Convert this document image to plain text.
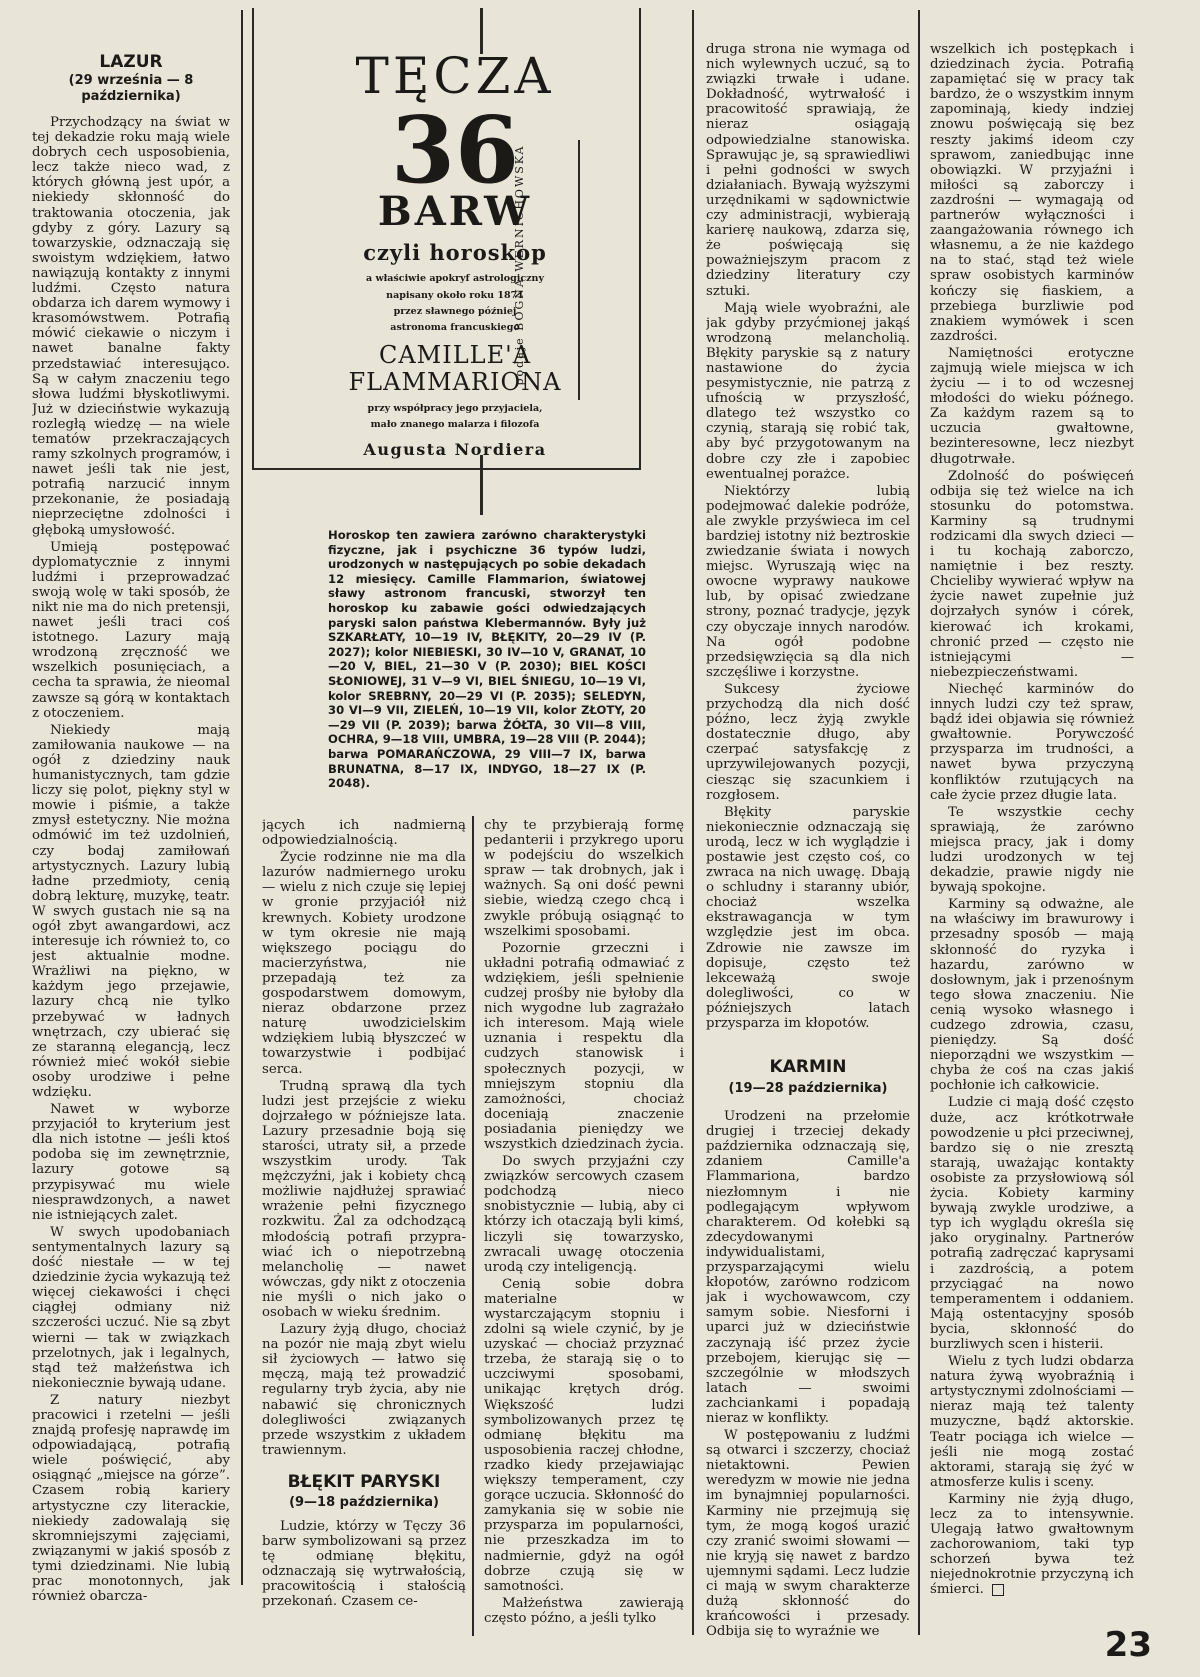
TĘCZA
36
BARW
czyli horoskop
a właściwie apokryf astrologiczny
napisany około roku 1871
przez sławnego później
astronoma francuskiego
CAMILLE'A
FLAMMARIONA
przy współpracy jego przyjaciela,
mało znanego malarza i filozofa
Augusta Nordiera
podaje BOGNA WERNICHOWSKA
Horoskop ten zawiera zarówno charakterystyki fizyczne, jak i psychiczne 36 typów ludzi, urodzonych w następujących po sobie dekadach 12 miesięcy. Camille Flammarion, światowej sławy astronom francuski, stworzył ten horoskop ku zabawie gości odwiedzających paryski salon państwa Klebermannów. Były już SZKARŁATY, 10—19 IV, BŁĘKITY, 20—29 IV (P. 2027); kolor NIEBIESKI, 30 IV—10 V, GRANAT, 10—20 V, BIEL, 21—30 V (P. 2030); BIEL KOŚCI SŁONIOWEJ, 31 V—9 VI, BIEL ŚNIEGU, 10—19 VI, kolor SREBRNY, 20—29 VI (P. 2035); SELEDYN, 30 VI—9 VII, ZIELEŃ, 10—19 VII, kolor ZŁOTY, 20—29 VII (P. 2039); barwa ŻÓŁTA, 30 VII—8 VIII, OCHRA, 9—18 VIII, UMBRA, 19—28 VIII (P. 2044); barwa POMARAŃCZOWA, 29 VIII—7 IX, barwa BRUNATNA, 8—17 IX, INDYGO, 18—27 IX (P. 2048).
LAZUR
(29 września — 8 października)

Przychodzący na świat w tej dekadzie roku mają wiele dobrych cech usposobienia, lecz także nieco wad, z których główną jest upór, a niekiedy skłonność do traktowania otoczenia, jak gdyby z góry. Lazury są towarzyskie, odznaczają się swoistym wdziękiem, łatwo nawiązują kontakty z innymi ludźmi. Często natura obdarza ich darem wymowy i krasomówstwem. Potrafią mówić ciekawie o niczym i nawet banalne fakty przedstawiać interesująco. Są w całym znaczeniu tego słowa ludźmi błyskotliwymi. Już w dzieciństwie wykazują rozległą wiedzę — na wiele tematów przekraczających ramy szkolnych programów, i nawet jeśli tak nie jest, potrafią narzucić innym przekonanie, że posiadają nieprzeciętne zdolności i głęboką umysłowość.

Umieją postępować dyplomatycznie z innymi ludźmi i przeprowadzać swoją wolę w taki sposób, że nikt nie ma do nich pretensji, nawet jeśli traci coś istotnego. Lazury mają wrodzoną zręczność we wszelkich posunięciach, a cecha ta sprawia, że nieomal zawsze są górą w kontaktach z otoczeniem.

Niekiedy mają zamiłowania naukowe — na ogół z dziedziny nauk humanistycznych, tam gdzie liczy się polot, piękny styl w mowie i piśmie, a także zmysł estetyczny. Nie można odmówić im też uzdolnień, czy bodaj zamiłowań artystycznych. Lazury lubią ładne przedmioty, cenią dobrą lekturę, muzykę, teatr. W swych gustach nie są na ogół zbyt awangardowi, acz interesuje ich również to, co jest aktualnie modne. Wrażliwi na piękno, w każdym jego przejawie, lazury chcą nie tylko przebywać w ładnych wnętrzach, czy ubierać się ze staranną elegancją, lecz również mieć wokół siebie osoby urodziwe i pełne wdzięku.

Nawet w wyborze przyjaciół to kryterium jest dla nich istotne — jeśli ktoś podoba się im zewnętrznie, lazury gotowe są przypisywać mu wiele niesprawdzonych, a nawet nie istniejących zalet.

W swych upodobaniach sentymentalnych lazury są dość niestałe — w tej dziedzinie życia wykazują też więcej ciekawości i chęci ciągłej odmiany niż szczerości uczuć. Nie są zbyt wierni — tak w związkach przelotnych, jak i legalnych, stąd też małżeństwa ich niekoniecznie bywają udane.

Z natury niezbyt pracowici i rzetelni — jeśli znajdą profesję naprawdę im odpowiadającą, potrafią wiele poświęcić, aby osiągnąć „miejsce na górze”. Czasem robią kariery artystyczne czy literackie, niekiedy zadowalają się skromniejszymi zajęciami, związanymi w jakiś sposób z tymi dziedzinami. Nie lubią prac monotonnych, jak również obarcza-

jących ich nadmierną odpowiedzialnością.

Życie rodzinne nie ma dla lazurów nadmiernego uroku — wielu z nich czuje się lepiej w gronie przyjaciół niż krewnych. Kobiety urodzone w tym okresie nie mają większego pociągu do macierzyństwa, nie przepadają też za gospodarstwem domowym, nieraz obdarzone przez naturę uwodzicielskim wdziękiem lubią błyszczeć w towarzystwie i podbijać serca.

Trudną sprawą dla tych ludzi jest przejście z wieku dojrzałego w późniejsze lata. Lazury przesadnie boją się starości, utraty sił, a przede wszystkim urody. Tak mężczyźni, jak i kobiety chcą możliwie najdłużej sprawiać wrażenie pełni fizycznego rozkwitu. Żal za odchodzącą młodością potrafi przyprawiać ich o niepotrzebną melancholię — nawet wówczas, gdy nikt z otoczenia nie myśli o nich jako o osobach w wieku średnim.

Lazury żyją długo, chociaż na pozór nie mają zbyt wielu sił życiowych — łatwo się męczą, mają też prowadzić regularny tryb życia, aby nie nabawić się chronicznych dolegliwości związanych przede wszystkim z układem trawiennym.

BŁĘKIT PARYSKI
(9—18 października)

Ludzie, którzy w Tęczy 36 barw symbolizowani są przez tę odmianę błękitu, odznaczają się wytrwałością, pracowitością i stałością przekonań. Czasem ce-

chy te przybierają formę pedanterii i przykrego uporu w podejściu do wszelkich spraw — tak drobnych, jak i ważnych. Są oni dość pewni siebie, wiedzą czego chcą i zwykle próbują osiągnąć to wszelkimi sposobami.

Pozornie grzeczni i układni potrafią odmawiać z wdziękiem, jeśli spełnienie cudzej prośby nie byłoby dla nich wygodne lub zagrażało ich interesom. Mają wiele uznania i respektu dla cudzych stanowisk i społecznych pozycji, w mniejszym stopniu dla zamożności, chociaż doceniają znaczenie posiadania pieniędzy we wszystkich dziedzinach życia.

Do swych przyjaźni czy związków sercowych czasem podchodzą nieco snobistycznie — lubią, aby ci którzy ich otaczają byli kimś, liczyli się towarzysko, zwracali uwagę otoczenia urodą czy inteligencją.

Cenią sobie dobra materialne w wystarczającym stopniu i zdolni są wiele czynić, by je uzyskać — chociaż przyznać trzeba, że starają się o to uczciwymi sposobami, unikając krętych dróg. Większość ludzi symbolizowanych przez tę odmianę błękitu ma usposobienia raczej chłodne, rzadko kiedy przejawiając większy temperament, czy gorące uczucia. Skłonność do zamykania się w sobie nie przysparza im popularności, nie przeszkadza im to nadmiernie, gdyż na ogół dobrze czują się w samotności.

Małżeństwa zawierają często późno, a jeśli tylko

druga strona nie wymaga od nich wylewnych uczuć, są to związki trwałe i udane. Dokładność, wytrwałość i pracowitość sprawiają, że nieraz osiągają odpowiedzialne stanowiska. Sprawując je, są sprawiedliwi i pełni godności w swych działaniach. Bywają wyższymi urzędnikami w sądownictwie czy administracji, wybierają karierę naukową, zdarza się, że poświęcają się poważniejszym pracom z dziedziny literatury czy sztuki.

Mają wiele wyobraźni, ale jak gdyby przyćmionej jakąś wrodzoną melancholią. Błękity paryskie są z natury nastawione do życia pesymistycznie, nie patrzą z ufnością w przyszłość, dlatego też wszystko co czynią, starają się robić tak, aby być przygotowanym na dobre czy złe i zapobiec ewentualnej porażce.

Niektórzy lubią podejmować dalekie podróże, ale zwykle przyświeca im cel bardziej istotny niż beztroskie zwiedzanie świata i nowych miejsc. Wyruszają więc na owocne wyprawy naukowe lub, by opisać zwiedzane strony, poznać tradycje, język czy obyczaje innych narodów. Na ogół podobne przedsięwzięcia są dla nich szczęśliwe i korzystne.

Sukcesy życiowe przychodzą dla nich dość późno, lecz żyją zwykle dostatecznie długo, aby czerpać satysfakcję z uprzywilejowanych pozycji, ciesząc się szacunkiem i rozgłosem.

Błękity paryskie niekoniecznie odznaczają się urodą, lecz w ich wyglądzie i postawie jest często coś, co zwraca na nich uwagę. Dbają o schludny i staranny ubiór, chociaż wszelka ekstrawagancja w tym względzie jest im obca. Zdrowie nie zawsze im dopisuje, często też lekceważą swoje dolegliwości, co w późniejszych latach przysparza im kłopotów.

KARMIN
(19—28 października)

Urodzeni na przełomie drugiej i trzeciej dekady października odznaczają się, zdaniem Camille'a Flammariona, bardzo niezłomnym i nie podlegającym wpływom charakterem. Od kołebki są zdecydowanymi indywidualistami, przysparzającymi wielu kłopotów, zarówno rodzicom jak i wychowawcom, czy samym sobie. Niesforni i uparci już w dzieciństwie zaczynają iść przez życie przebojem, kierując się — szczególnie w młodszych latach — swoimi zachciankami i popadają nieraz w konflikty.

W postępowaniu z ludźmi są otwarci i szczerzy, chociaż nietaktowni. Pewien weredyzm w mowie nie jedna im bynajmniej popularności. Karminy nie przejmują się tym, że mogą kogoś urazić czy zranić swoimi słowami — nie kryją się nawet z bardzo ujemnymi sądami. Lecz ludzie ci mają w swym charakterze dużą skłonność do krańcowości i przesady. Odbija się to wyraźnie we

wszelkich ich postępkach i dziedzinach życia. Potrafią zapamiętać się w pracy tak bardzo, że o wszystkim innym zapominają, kiedy indziej znowu poświęcają się bez reszty jakimś ideom czy sprawom, zaniedbując inne obowiązki. W przyjaźni i miłości są zaborczy i zazdrośni — wymagają od partnerów wyłączności i zaangażowania równego ich własnemu, a że nie każdego na to stać, stąd też wiele spraw osobistych karminów kończy się fiaskiem, a przebiega burzliwie pod znakiem wymówek i scen zazdrości.

Namiętności erotyczne zajmują wiele miejsca w ich życiu — i to od wczesnej młodości do wieku późnego. Za każdym razem są to uczucia gwałtowne, bezinteresowne, lecz niezbyt długotrwałe.

Zdolność do poświęceń odbija się też wielce na ich stosunku do potomstwa. Karminy są trudnymi rodzicami dla swych dzieci — i tu kochają zaborczo, namiętnie i bez reszty. Chcieliby wywierać wpływ na życie nawet zupełnie już dojrzałych synów i córek, kierować ich krokami, chronić przed — często nie istniejącymi — niebezpieczeństwami.

Niechęć karminów do innych ludzi czy też spraw, bądź idei objawia się również gwałtownie. Porywczość przysparza im trudności, a nawet bywa przyczyną konfliktów rzutujących na całe życie przez długie lata.

Te wszystkie cechy sprawiają, że zarówno miejsca pracy, jak i domy ludzi urodzonych w tej dekadzie, prawie nigdy nie bywają spokojne.

Karminy są odważne, ale na właściwy im brawurowy i przesadny sposób — mają skłonność do ryzyka i hazardu, zarówno w dosłownym, jak i przenośnym tego słowa znaczeniu. Nie cenią wysoko własnego i cudzego zdrowia, czasu, pieniędzy. Są dość nieporządni we wszystkim — chyba że coś na czas jakiś pochłonie ich całkowicie.

Ludzie ci mają dość często duże, acz krótkotrwałe powodzenie u płci przeciwnej, bardzo się o nie zresztą starają, uważając kontakty osobiste za przysłowiową sól życia. Kobiety karminy bywają zwykle urodziwe, a typ ich wyglądu określa się jako oryginalny. Partnerów potrafią zadręczać kaprysami i zazdrością, a potem przyciągać na nowo temperamentem i oddaniem. Mają ostentacyjny sposób bycia, skłonność do burzliwych scen i histerii.

Wielu z tych ludzi obdarza natura żywą wyobraźnią i artystycznymi zdolnościami — nieraz mają też talenty muzyczne, bądź aktorskie. Teatr pociąga ich wielce — jeśli nie mogą zostać aktorami, starają się żyć w atmosferze kulis i sceny.

Karminy nie żyją długo, lecz za to intensywnie. Ulegają łatwo gwałtownym zachorowaniom, taki typ schorzeń bywa też niejednokrotnie przyczyną ich śmierci.

23
